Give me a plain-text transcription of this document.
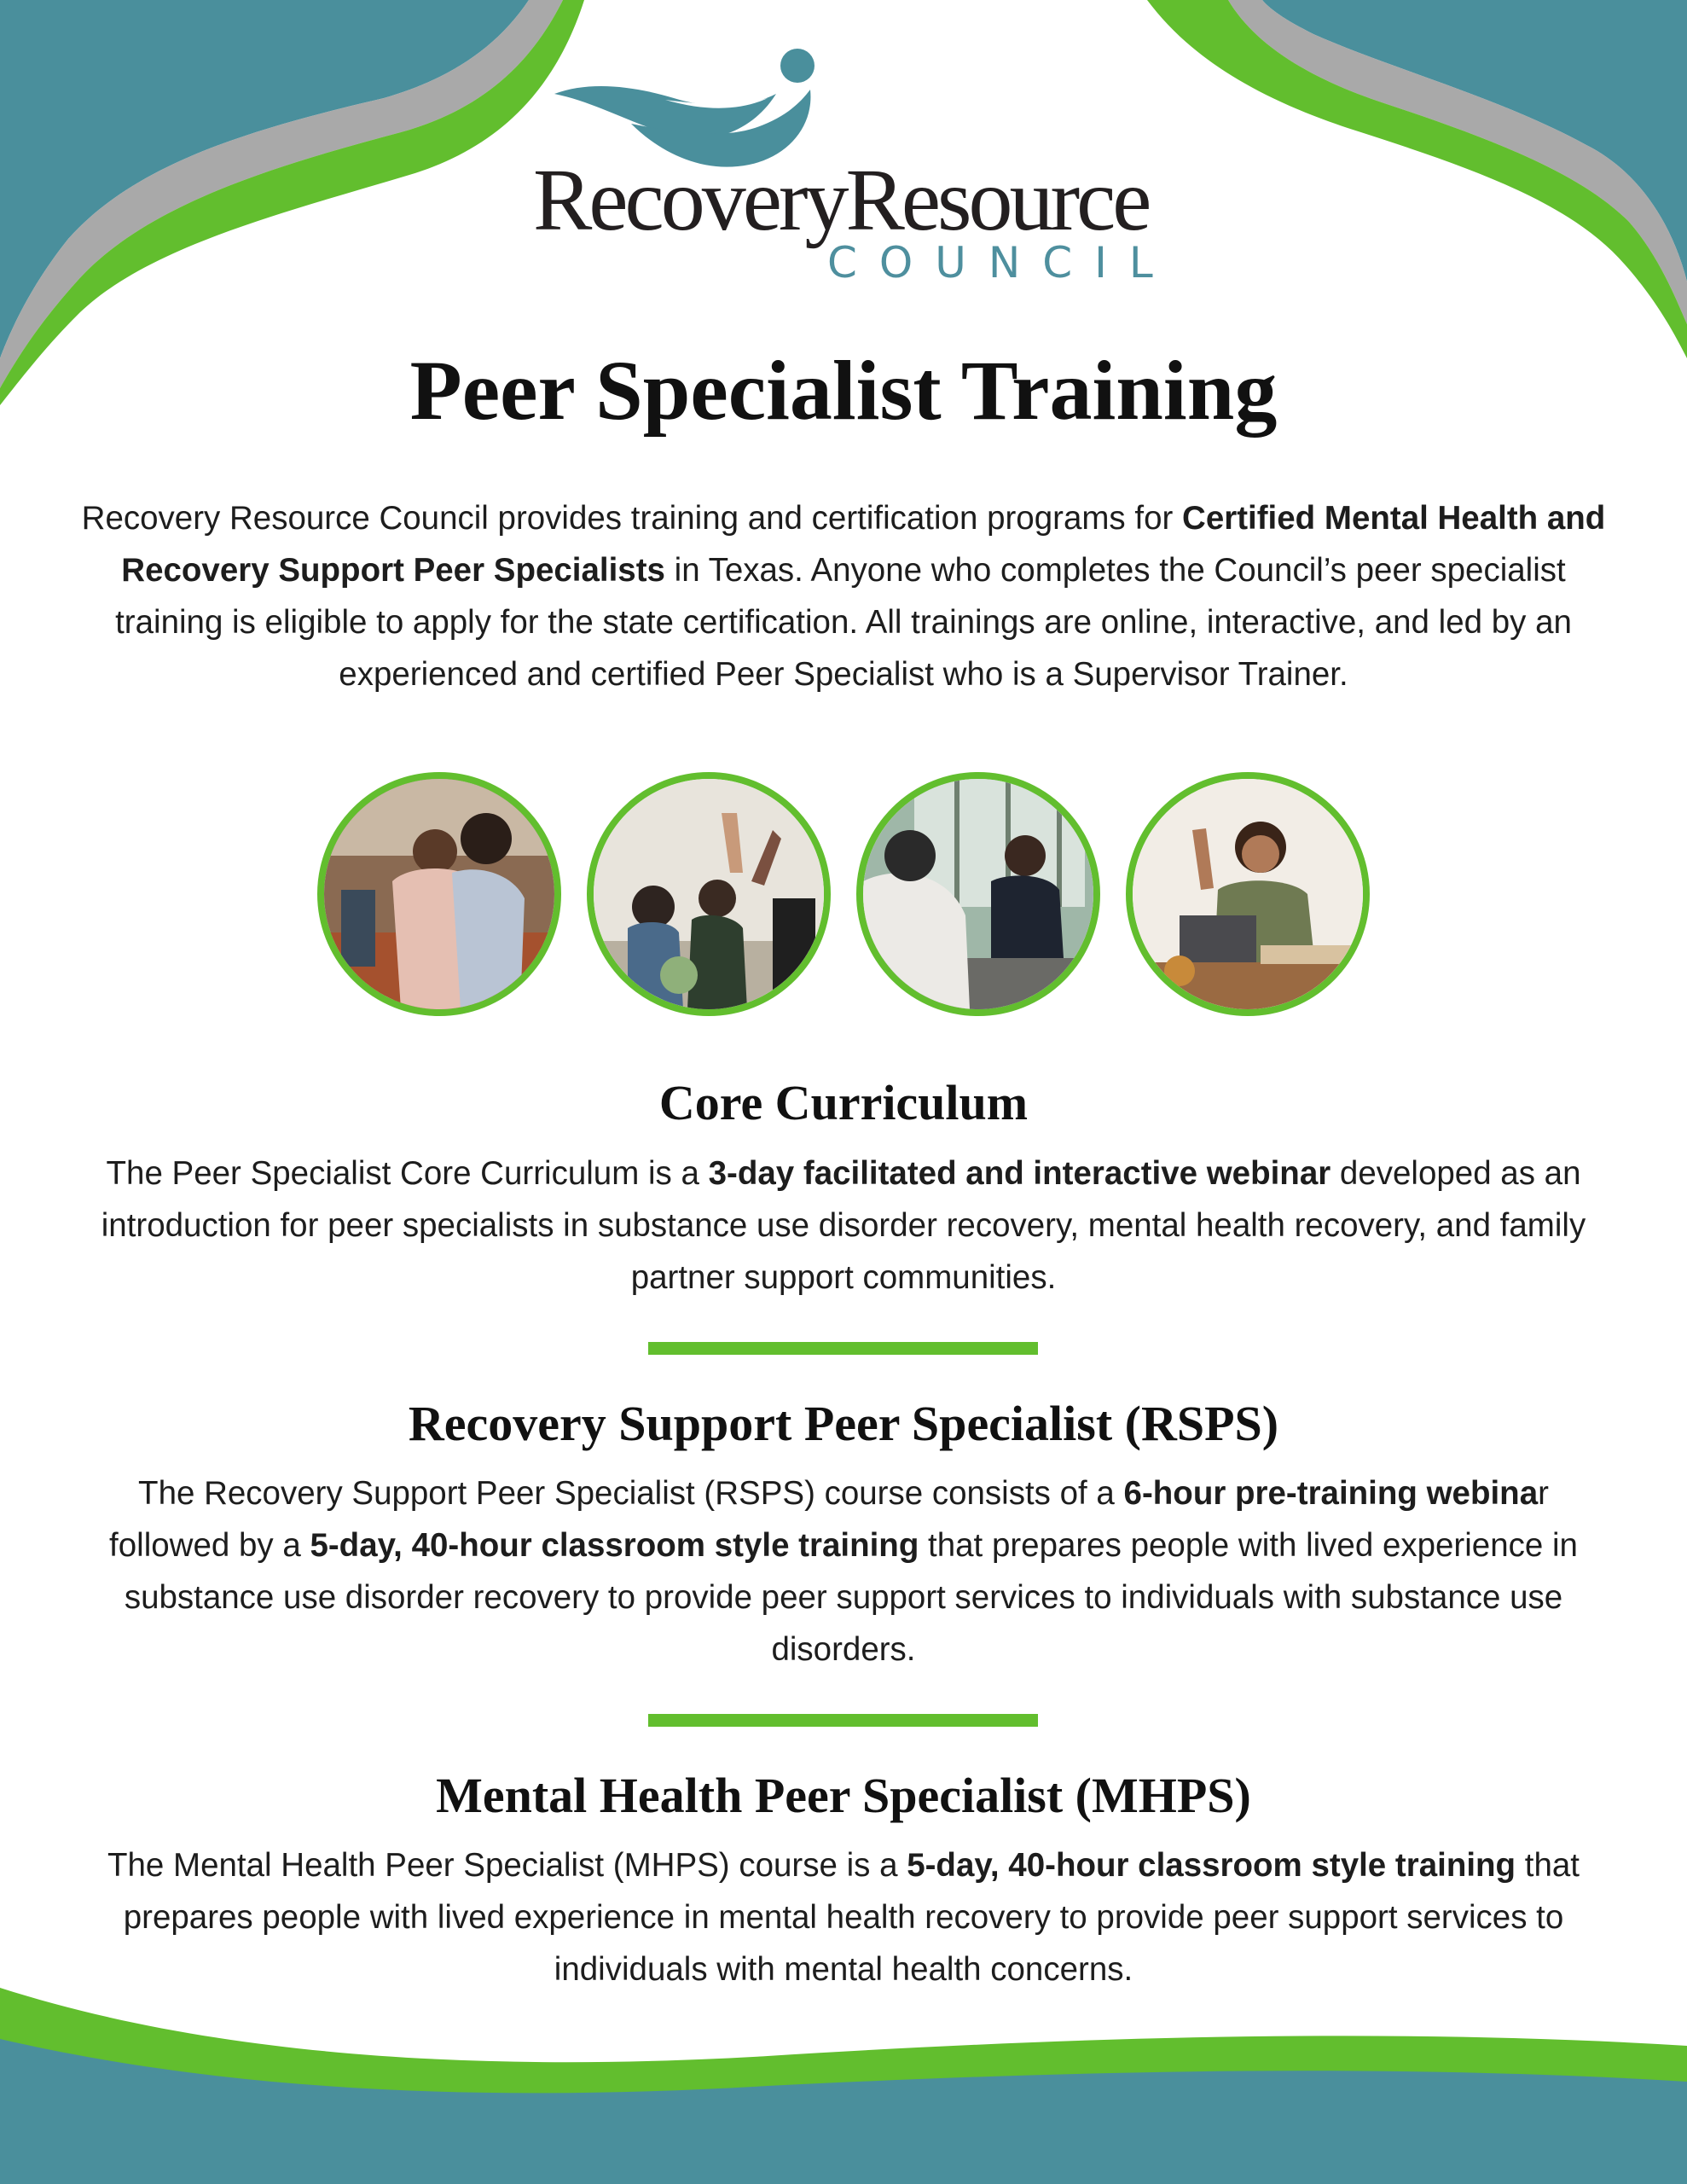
RecoveryResource
COUNCIL
Peer Specialist Training

Recovery Resource Council provides training and certification programs for Certified Mental Health and Recovery Support Peer Specialists in Texas. Anyone who completes the Council’s peer specialist training is eligible to apply for the state certification. All trainings are online, interactive, and led by an experienced and certified Peer Specialist who is a Supervisor Trainer.

Core Curriculum

The Peer Specialist Core Curriculum is a 3-day facilitated and interactive webinar developed as an introduction for peer specialists in substance use disorder recovery, mental health recovery, and family partner support communities.

Recovery Support Peer Specialist (RSPS)

The Recovery Support Peer Specialist (RSPS) course consists of a 6-hour pre-training webinar followed by a 5-day, 40-hour classroom style training that prepares people with lived experience in substance use disorder recovery to provide peer support services to individuals with substance use disorders.

Mental Health Peer Specialist (MHPS)

The Mental Health Peer Specialist (MHPS) course is a 5-day, 40-hour classroom style training that prepares people with lived experience in mental health recovery to provide peer support services to individuals with mental health concerns.
